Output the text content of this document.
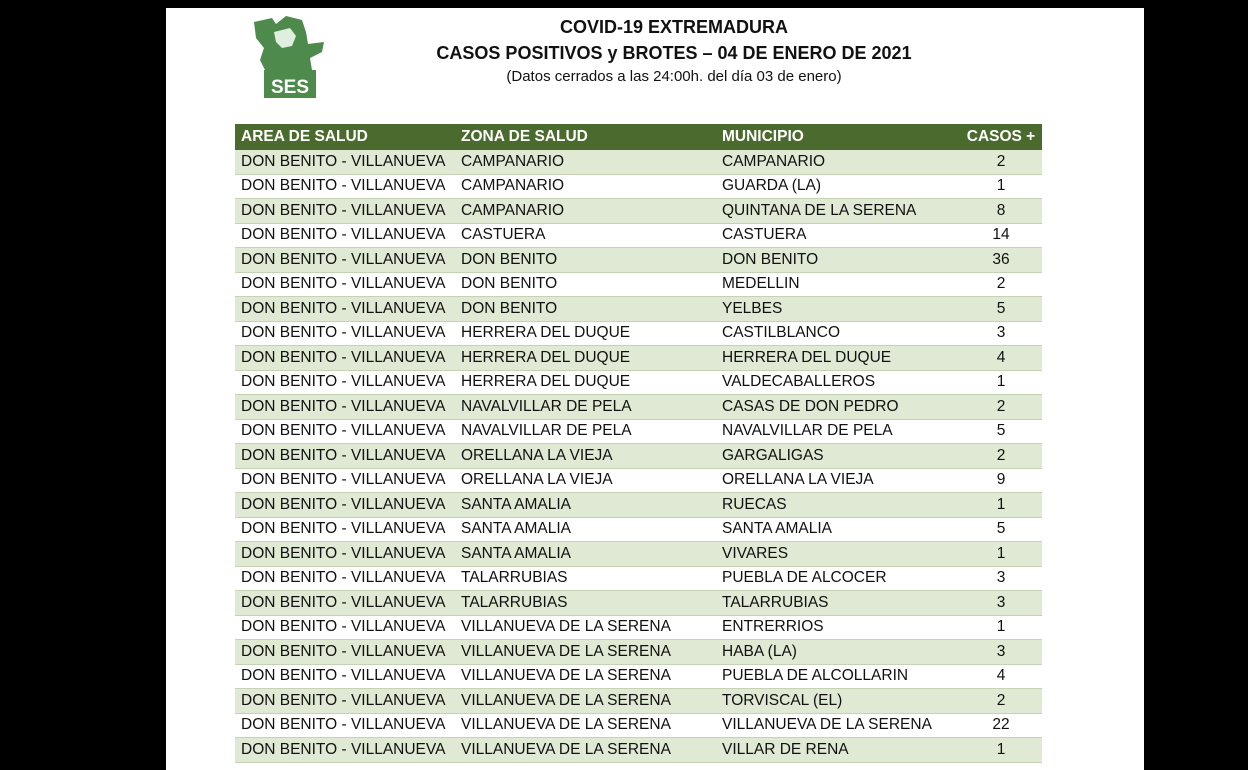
SES
COVID-19 EXTREMADURA
CASOS POSITIVOS y BROTES – 04 DE ENERO DE 2021
(Datos cerrados a las 24:00h. del día 03 de enero)
AREA DE SALUD	ZONA DE SALUD	MUNICIPIO	CASOS +
DON BENITO - VILLANUEVA	CAMPANARIO	CAMPANARIO	2
DON BENITO - VILLANUEVA	CAMPANARIO	GUARDA (LA)	1
DON BENITO - VILLANUEVA	CAMPANARIO	QUINTANA DE LA SERENA	8
DON BENITO - VILLANUEVA	CASTUERA	CASTUERA	14
DON BENITO - VILLANUEVA	DON BENITO	DON BENITO	36
DON BENITO - VILLANUEVA	DON BENITO	MEDELLIN	2
DON BENITO - VILLANUEVA	DON BENITO	YELBES	5
DON BENITO - VILLANUEVA	HERRERA DEL DUQUE	CASTILBLANCO	3
DON BENITO - VILLANUEVA	HERRERA DEL DUQUE	HERRERA DEL DUQUE	4
DON BENITO - VILLANUEVA	HERRERA DEL DUQUE	VALDECABALLEROS	1
DON BENITO - VILLANUEVA	NAVALVILLAR DE PELA	CASAS DE DON PEDRO	2
DON BENITO - VILLANUEVA	NAVALVILLAR DE PELA	NAVALVILLAR DE PELA	5
DON BENITO - VILLANUEVA	ORELLANA LA VIEJA	GARGALIGAS	2
DON BENITO - VILLANUEVA	ORELLANA LA VIEJA	ORELLANA LA VIEJA	9
DON BENITO - VILLANUEVA	SANTA AMALIA	RUECAS	1
DON BENITO - VILLANUEVA	SANTA AMALIA	SANTA AMALIA	5
DON BENITO - VILLANUEVA	SANTA AMALIA	VIVARES	1
DON BENITO - VILLANUEVA	TALARRUBIAS	PUEBLA DE ALCOCER	3
DON BENITO - VILLANUEVA	TALARRUBIAS	TALARRUBIAS	3
DON BENITO - VILLANUEVA	VILLANUEVA DE LA SERENA	ENTRERRIOS	1
DON BENITO - VILLANUEVA	VILLANUEVA DE LA SERENA	HABA (LA)	3
DON BENITO - VILLANUEVA	VILLANUEVA DE LA SERENA	PUEBLA DE ALCOLLARIN	4
DON BENITO - VILLANUEVA	VILLANUEVA DE LA SERENA	TORVISCAL (EL)	2
DON BENITO - VILLANUEVA	VILLANUEVA DE LA SERENA	VILLANUEVA DE LA SERENA	22
DON BENITO - VILLANUEVA	VILLANUEVA DE LA SERENA	VILLAR DE RENA	1
